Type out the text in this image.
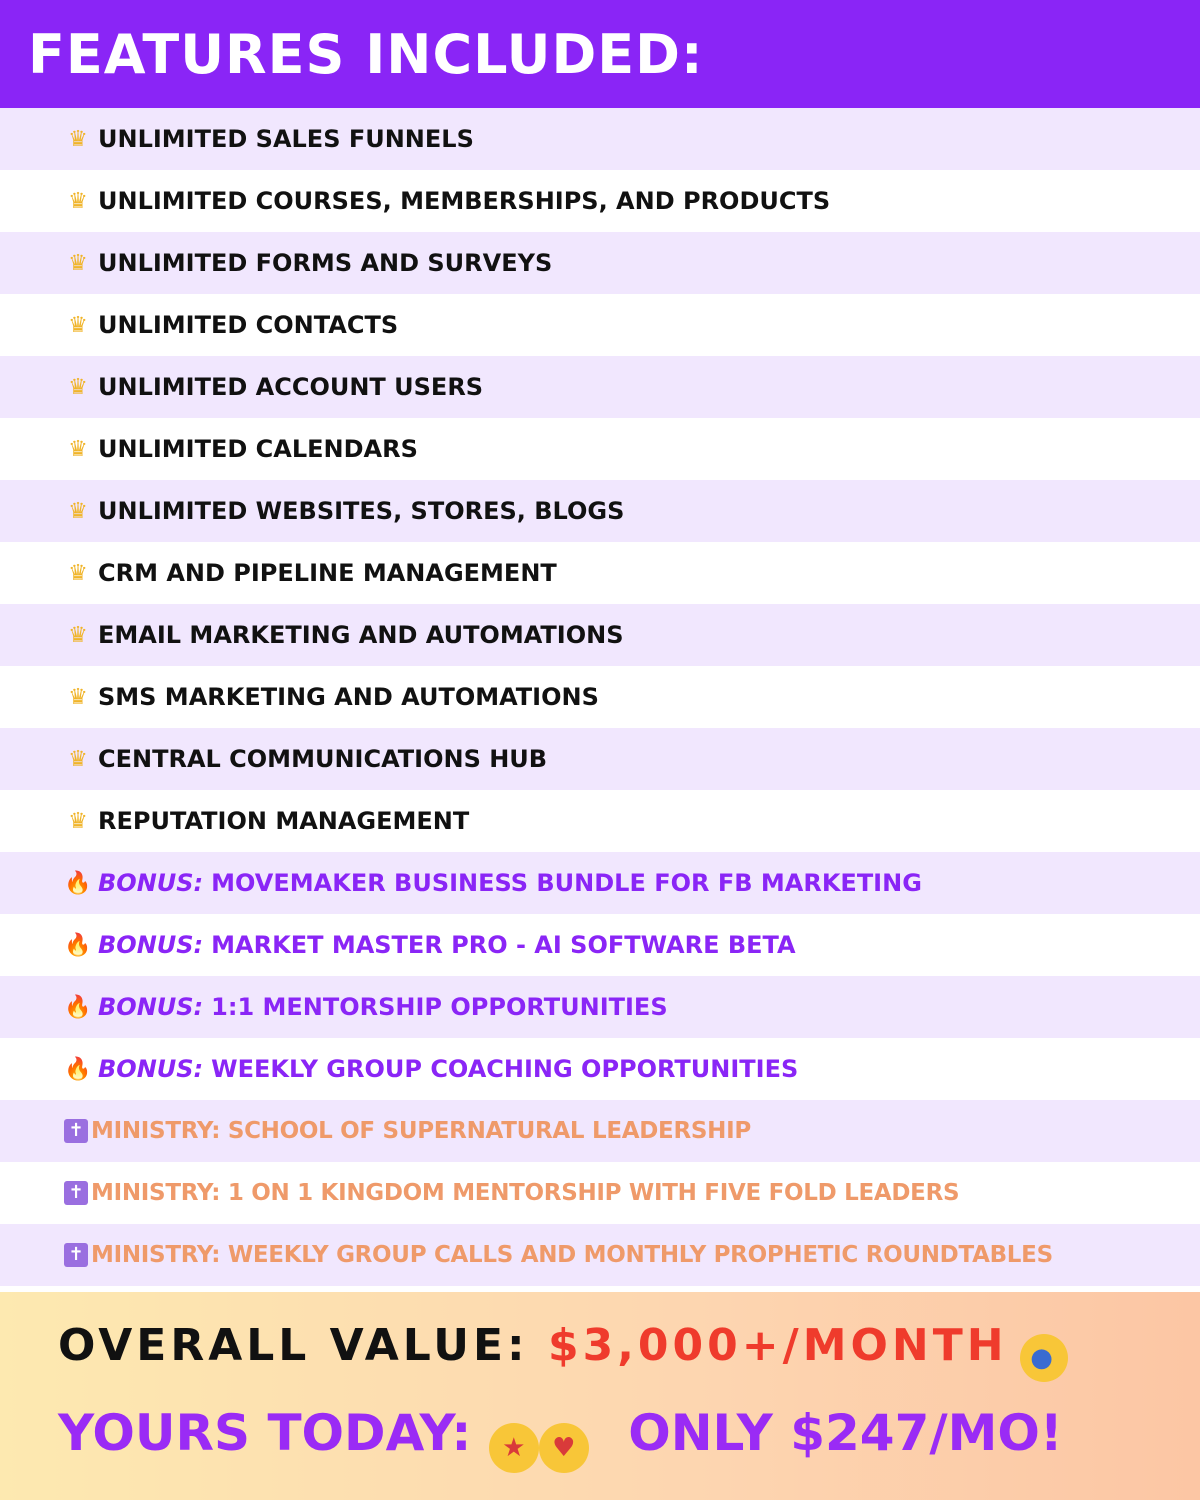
FEATURES INCLUDED:
♛ UNLIMITED SALES FUNNELS
♛ UNLIMITED COURSES, MEMBERSHIPS, AND PRODUCTS
♛ UNLIMITED FORMS AND SURVEYS
♛ UNLIMITED CONTACTS
♛ UNLIMITED ACCOUNT USERS
♛ UNLIMITED CALENDARS
♛ UNLIMITED WEBSITES, STORES, BLOGS
♛ CRM AND PIPELINE MANAGEMENT
♛ EMAIL MARKETING AND AUTOMATIONS
♛ SMS MARKETING AND AUTOMATIONS
♛ CENTRAL COMMUNICATIONS HUB
♛ REPUTATION MANAGEMENT
🔥 BONUS: MOVEMAKER BUSINESS BUNDLE FOR FB MARKETING
🔥 BONUS: MARKET MASTER PRO - AI SOFTWARE BETA
🔥 BONUS: 1:1 MENTORSHIP OPPORTUNITIES
🔥 BONUS: WEEKLY GROUP COACHING OPPORTUNITIES
✝ MINISTRY: SCHOOL OF SUPERNATURAL LEADERSHIP
✝ MINISTRY: 1 ON 1 KINGDOM MENTORSHIP WITH FIVE FOLD LEADERS
✝ MINISTRY: WEEKLY GROUP CALLS AND MONTHLY PROPHETIC ROUNDTABLES
OVERALL VALUE: $3,000+/MONTH ●
YOURS TODAY: ★ ♥ ONLY $247/MO!
